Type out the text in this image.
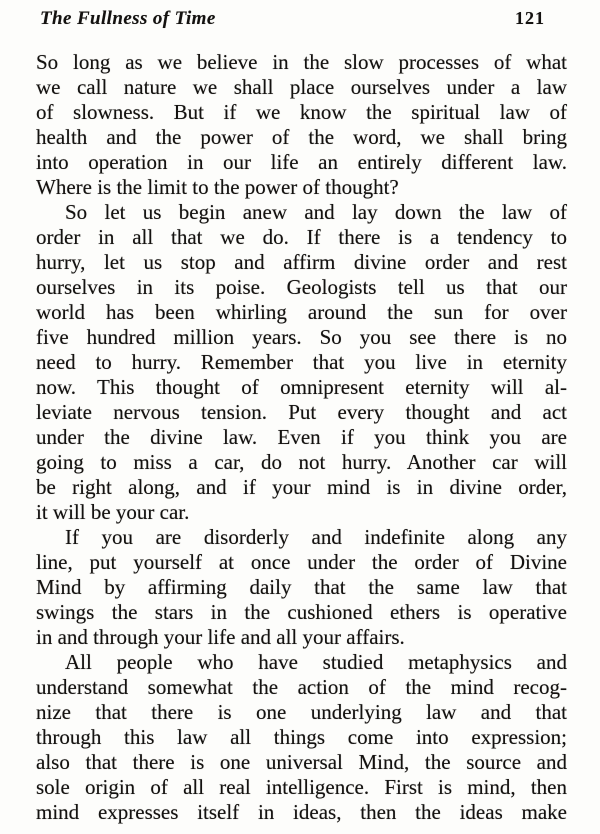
The Fullness of Time	121
So long as we believe in the slow processes of what
we call nature we shall place ourselves under a law
of slowness. But if we know the spiritual law of
health and the power of the word, we shall bring
into operation in our life an entirely different law.
Where is the limit to the power of thought?
So let us begin anew and lay down the law of
order in all that we do. If there is a tendency to
hurry, let us stop and affirm divine order and rest
ourselves in its poise. Geologists tell us that our
world has been whirling around the sun for over
five hundred million years. So you see there is no
need to hurry. Remember that you live in eternity
now. This thought of omnipresent eternity will al-
leviate nervous tension. Put every thought and act
under the divine law. Even if you think you are
going to miss a car, do not hurry. Another car will
be right along, and if your mind is in divine order,
it will be your car.
If you are disorderly and indefinite along any
line, put yourself at once under the order of Divine
Mind by affirming daily that the same law that
swings the stars in the cushioned ethers is operative
in and through your life and all your affairs.
All people who have studied metaphysics and
understand somewhat the action of the mind recog-
nize that there is one underlying law and that
through this law all things come into expression;
also that there is one universal Mind, the source and
sole origin of all real intelligence. First is mind, then
mind expresses itself in ideas, then the ideas make
